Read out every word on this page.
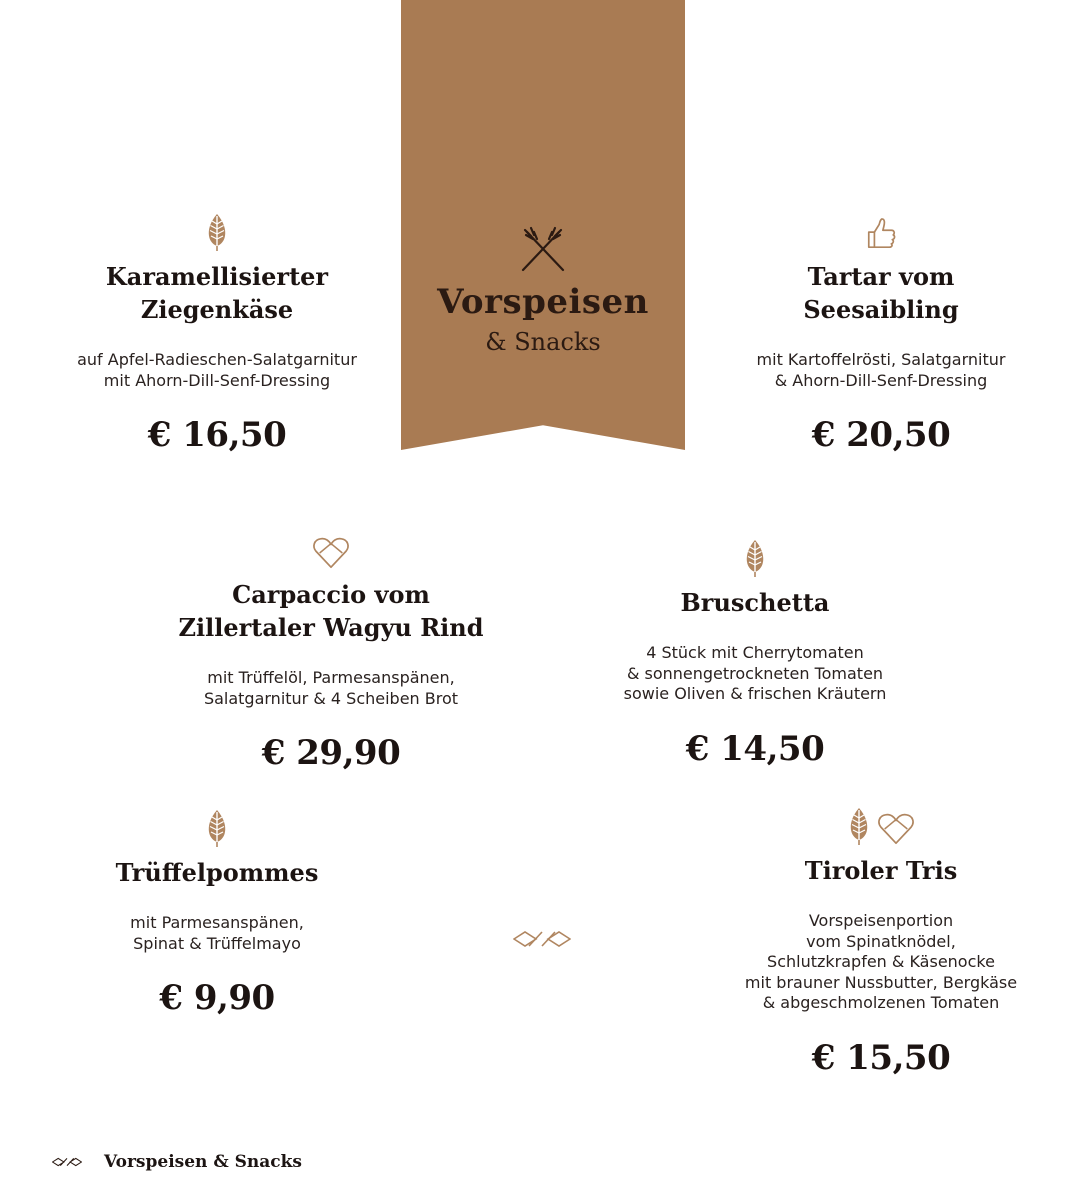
Vorspeisen
& Snacks
Karamellisierter
Ziegenkäse
auf Apfel-Radieschen-Salatgarnitur
mit Ahorn-Dill-Senf-Dressing
€ 16,50
Tartar vom
Seesaibling
mit Kartoffelrösti, Salatgarnitur
& Ahorn-Dill-Senf-Dressing
€ 20,50
Carpaccio vom
Zillertaler Wagyu Rind
mit Trüffelöl, Parmesanspänen,
Salatgarnitur & 4 Scheiben Brot
€ 29,90
Bruschetta
4 Stück mit Cherrytomaten
& sonnengetrockneten Tomaten
sowie Oliven & frischen Kräutern
€ 14,50
Trüffelpommes
mit Parmesanspänen,
Spinat & Trüffelmayo
€ 9,90
Tiroler Tris
Vorspeisenportion
vom Spinatknödel,
Schlutzkrapfen & Käsenocke
mit brauner Nussbutter, Bergkäse
& abgeschmolzenen Tomaten
€ 15,50
Vorspeisen & Snacks
